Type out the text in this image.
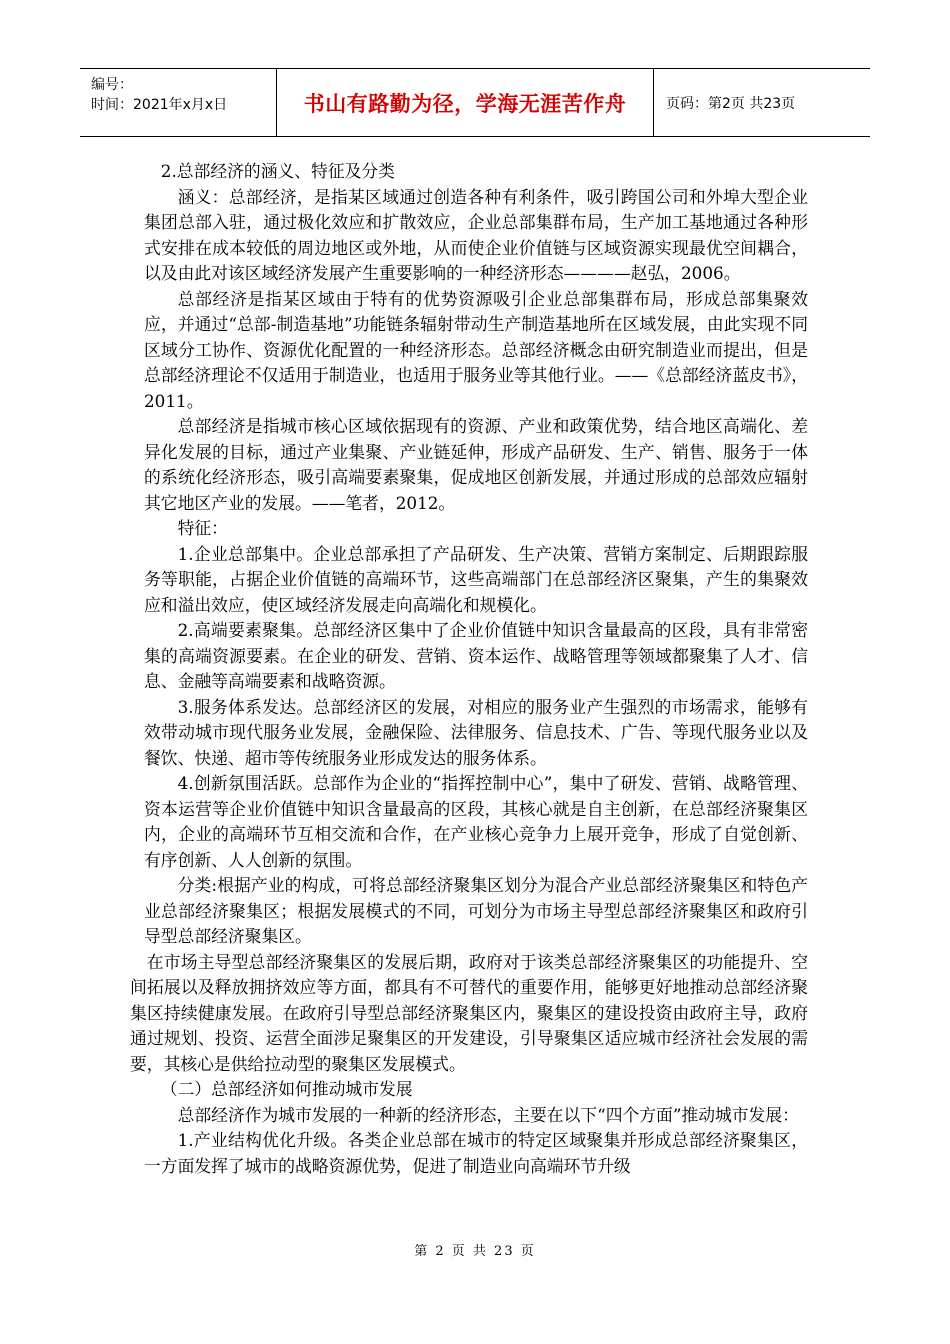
编号：
时间：2021年x月x日	书山有路勤为径，学海无涯苦作舟	页码：第2页 共23页

2.总部经济的涵义、特征及分类

涵义：总部经济，是指某区域通过创造各种有利条件，吸引跨国公司和外埠大型企业集团总部入驻，通过极化效应和扩散效应，企业总部集群布局，生产加工基地通过各种形式安排在成本较低的周边地区或外地，从而使企业价值链与区域资源实现最优空间耦合，以及由此对该区域经济发展产生重要影响的一种经济形态————赵弘，2006。

总部经济是指某区域由于特有的优势资源吸引企业总部集群布局，形成总部集聚效应，并通过“总部-制造基地”功能链条辐射带动生产制造基地所在区域发展，由此实现不同区域分工协作、资源优化配置的一种经济形态。总部经济概念由研究制造业而提出，但是总部经济理论不仅适用于制造业，也适用于服务业等其他行业。——《总部经济蓝皮书》，2011。

总部经济是指城市核心区域依据现有的资源、产业和政策优势，结合地区高端化、差异化发展的目标，通过产业集聚、产业链延伸，形成产品研发、生产、销售、服务于一体的系统化经济形态，吸引高端要素聚集，促成地区创新发展，并通过形成的总部效应辐射其它地区产业的发展。——笔者，2012。

特征：

1.企业总部集中。企业总部承担了产品研发、生产决策、营销方案制定、后期跟踪服务等职能，占据企业价值链的高端环节，这些高端部门在总部经济区聚集，产生的集聚效应和溢出效应，使区域经济发展走向高端化和规模化。

2.高端要素聚集。总部经济区集中了企业价值链中知识含量最高的区段，具有非常密集的高端资源要素。在企业的研发、营销、资本运作、战略管理等领域都聚集了人才、信息、金融等高端要素和战略资源。

3.服务体系发达。总部经济区的发展，对相应的服务业产生强烈的市场需求，能够有效带动城市现代服务业发展，金融保险、法律服务、信息技术、广告、等现代服务业以及餐饮、快递、超市等传统服务业形成发达的服务体系。

4.创新氛围活跃。总部作为企业的“指挥控制中心”，集中了研发、营销、战略管理、资本运营等企业价值链中知识含量最高的区段，其核心就是自主创新，在总部经济聚集区内，企业的高端环节互相交流和合作，在产业核心竞争力上展开竞争，形成了自觉创新、有序创新、人人创新的氛围。

分类:根据产业的构成，可将总部经济聚集区划分为混合产业总部经济聚集区和特色产业总部经济聚集区；根据发展模式的不同，可划分为市场主导型总部经济聚集区和政府引导型总部经济聚集区。

在市场主导型总部经济聚集区的发展后期，政府对于该类总部经济聚集区的功能提升、空间拓展以及释放拥挤效应等方面，都具有不可替代的重要作用，能够更好地推动总部经济聚集区持续健康发展。在政府引导型总部经济聚集区内，聚集区的建设投资由政府主导，政府通过规划、投资、运营全面涉足聚集区的开发建设，引导聚集区适应城市经济社会发展的需要，其核心是供给拉动型的聚集区发展模式。

（二）总部经济如何推动城市发展

总部经济作为城市发展的一种新的经济形态，主要在以下“四个方面”推动城市发展：

1.产业结构优化升级。各类企业总部在城市的特定区域聚集并形成总部经济聚集区，一方面发挥了城市的战略资源优势，促进了制造业向高端环节升级

第 2 页 共 23 页
